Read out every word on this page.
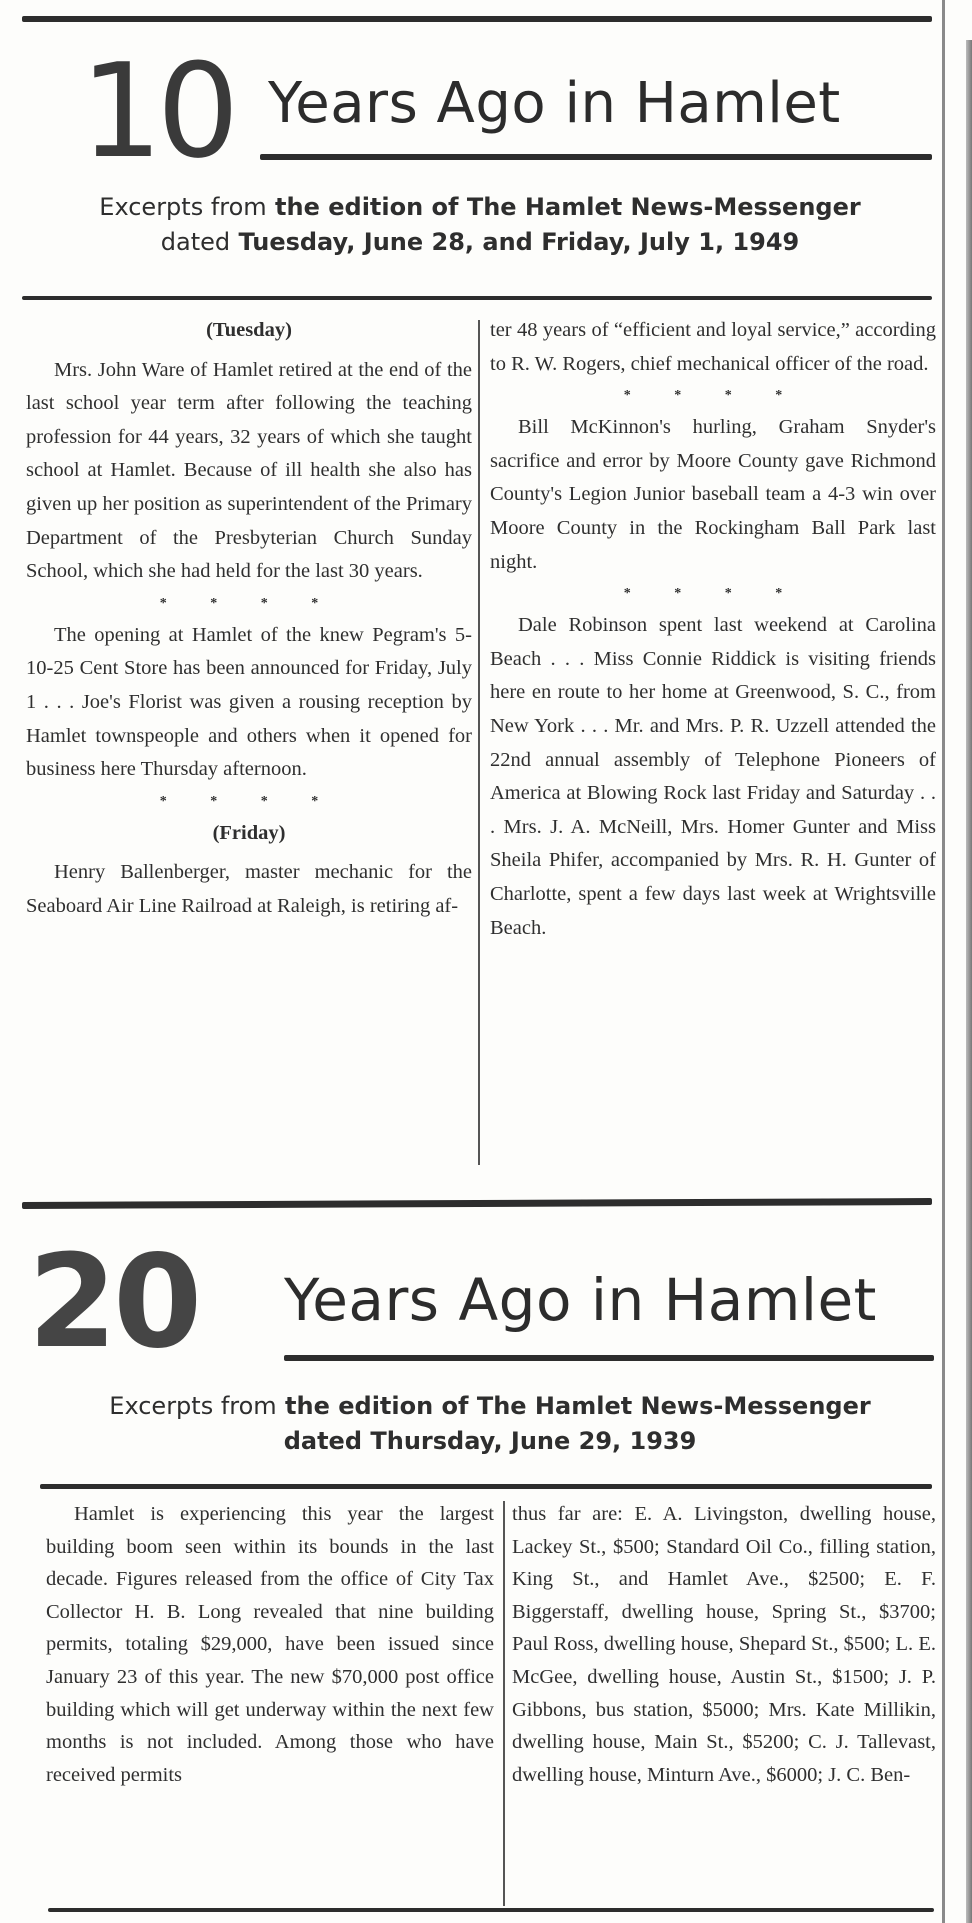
10 Years Ago in Hamlet
Excerpts from the edition of The Hamlet News-Messenger
dated Tuesday, June 28, and Friday, July 1, 1949

(Tuesday)

Mrs. John Ware of Hamlet retired at the end of the last school year term after following the teaching profession for 44 years, 32 years of which she taught school at Hamlet. Because of ill health she also has given up her position as superintendent of the Primary Department of the Presbyterian Church Sunday School, which she had held for the last 30 years.

* * * *

The opening at Hamlet of the knew Pegram's 5-10-25 Cent Store has been announced for Friday, July 1 . . . Joe's Florist was given a rousing reception by Hamlet townspeople and others when it opened for business here Thursday afternoon.

* * * *

(Friday)

Henry Ballenberger, master mechanic for the Seaboard Air Line Railroad at Raleigh, is retiring af-

ter 48 years of “efficient and loyal service,” according to R. W. Rogers, chief mechanical officer of the road.

* * * *

Bill McKinnon's hurling, Graham Snyder's sacrifice and error by Moore County gave Richmond County's Legion Junior baseball team a 4-3 win over Moore County in the Rockingham Ball Park last night.

* * * *

Dale Robinson spent last weekend at Carolina Beach . . . Miss Connie Riddick is visiting friends here en route to her home at Greenwood, S. C., from New York . . . Mr. and Mrs. P. R. Uzzell attended the 22nd annual assembly of Telephone Pioneers of America at Blowing Rock last Friday and Saturday . . . Mrs. J. A. McNeill, Mrs. Homer Gunter and Miss Sheila Phifer, accompanied by Mrs. R. H. Gunter of Charlotte, spent a few days last week at Wrightsville Beach.

20 Years Ago in Hamlet
Excerpts from the edition of The Hamlet News-Messenger
dated Thursday, June 29, 1939

Hamlet is experiencing this year the largest building boom seen within its bounds in the last decade. Figures released from the office of City Tax Collector H. B. Long revealed that nine building permits, totaling $29,000, have been issued since January 23 of this year. The new $70,000 post office building which will get underway within the next few months is not included. Among those who have received permits

thus far are: E. A. Livingston, dwelling house, Lackey St., $500; Standard Oil Co., filling station, King St., and Hamlet Ave., $2500; E. F. Biggerstaff, dwelling house, Spring St., $3700; Paul Ross, dwelling house, Shepard St., $500; L. E. McGee, dwelling house, Austin St., $1500; J. P. Gibbons, bus station, $5000; Mrs. Kate Millikin, dwelling house, Main St., $5200; C. J. Tallevast, dwelling house, Minturn Ave., $6000; J. C. Ben-
